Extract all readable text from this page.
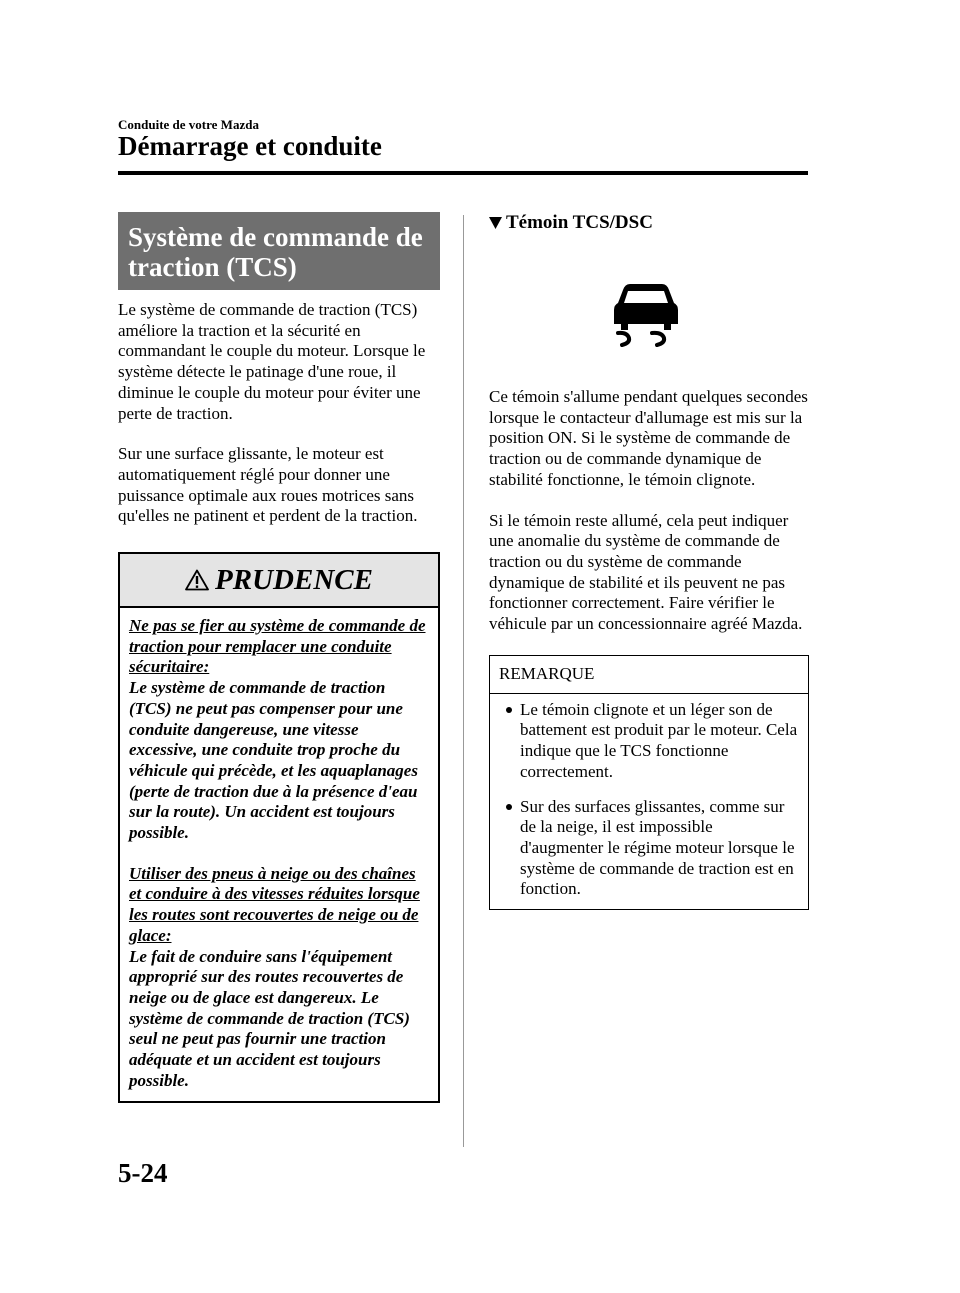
Conduite de votre Mazda
Démarrage et conduite
Système de commande de traction (TCS)

Le système de commande de traction (TCS) améliore la traction et la sécurité en commandant le couple du moteur. Lorsque le système détecte le patinage d'une roue, il diminue le couple du moteur pour éviter une perte de traction.

Sur une surface glissante, le moteur est automatiquement réglé pour donner une puissance optimale aux roues motrices sans qu'elles ne patinent et perdent de la traction.

PRUDENCE

Ne pas se fier au système de commande de traction pour remplacer une conduite sécuritaire:

Le système de commande de traction (TCS) ne peut pas compenser pour une conduite dangereuse, une vitesse excessive, une conduite trop proche du véhicule qui précède, et les aquaplanages (perte de traction due à la présence d'eau sur la route). Un accident est toujours possible.

Utiliser des pneus à neige ou des chaînes et conduire à des vitesses réduites lorsque les routes sont recouvertes de neige ou de glace:

Le fait de conduire sans l'équipement approprié sur des routes recouvertes de neige ou de glace est dangereux. Le système de commande de traction (TCS) seul ne peut pas fournir une traction adéquate et un accident est toujours possible.

Témoin TCS/DSC

Ce témoin s'allume pendant quelques secondes lorsque le contacteur d'allumage est mis sur la position ON. Si le système de commande de traction ou de commande dynamique de stabilité fonctionne, le témoin clignote.

Si le témoin reste allumé, cela peut indiquer une anomalie du système de commande de traction ou du système de commande dynamique de stabilité et ils peuvent ne pas fonctionner correctement. Faire vérifier le véhicule par un concessionnaire agréé Mazda.

REMARQUE
Le témoin clignote et un léger son de battement est produit par le moteur. Cela indique que le TCS fonctionne correctement.
Sur des surfaces glissantes, comme sur de la neige, il est impossible d'augmenter le régime moteur lorsque le système de commande de traction est en fonction.
5-24
